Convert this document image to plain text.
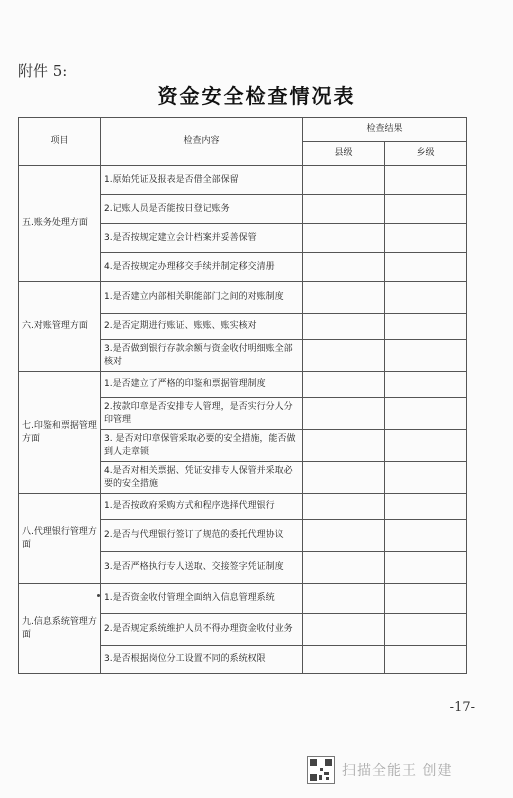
附件 5:
资金安全检查情况表
项目	检查内容	检查结果	
		县级	乡级
五.账务处理方面	1.原始凭证及报表是否借全部保留		
	2.记账人员是否能按日登记账务		
	3.是否按规定建立会计档案并妥善保管		
	4.是否按规定办理移交手续并制定移交清册		
六.对账管理方面	1.是否建立内部相关职能部门之间的对账制度		
	2.是否定期进行账证、账账、账实核对		
	3.是否做到银行存款余额与资金收付明细账全部核对		
七.印鉴和票据管理方面	1.是否建立了严格的印鉴和票据管理制度		
	2.按款印章是否安排专人管理，是否实行分人分印管理		
	3. 是否对印章保管采取必要的安全措施，能否做到人走章锁		
	4.是否对相关票据、凭证安排专人保管并采取必要的安全措施		
八.代理银行管理方面	1.是否按政府采购方式和程序选择代理银行		
	2.是否与代理银行签订了规范的委托代理协议		
	3.是否严格执行专人送取、交接签字凭证制度		
九.信息系统管理方面	1.是否资金收付管理全面纳入信息管理系统		
	2.是否规定系统维护人员不得办理资金收付业务		
	3.是否根据岗位分工设置不同的系统权限		
-17-
扫描全能王 创建
